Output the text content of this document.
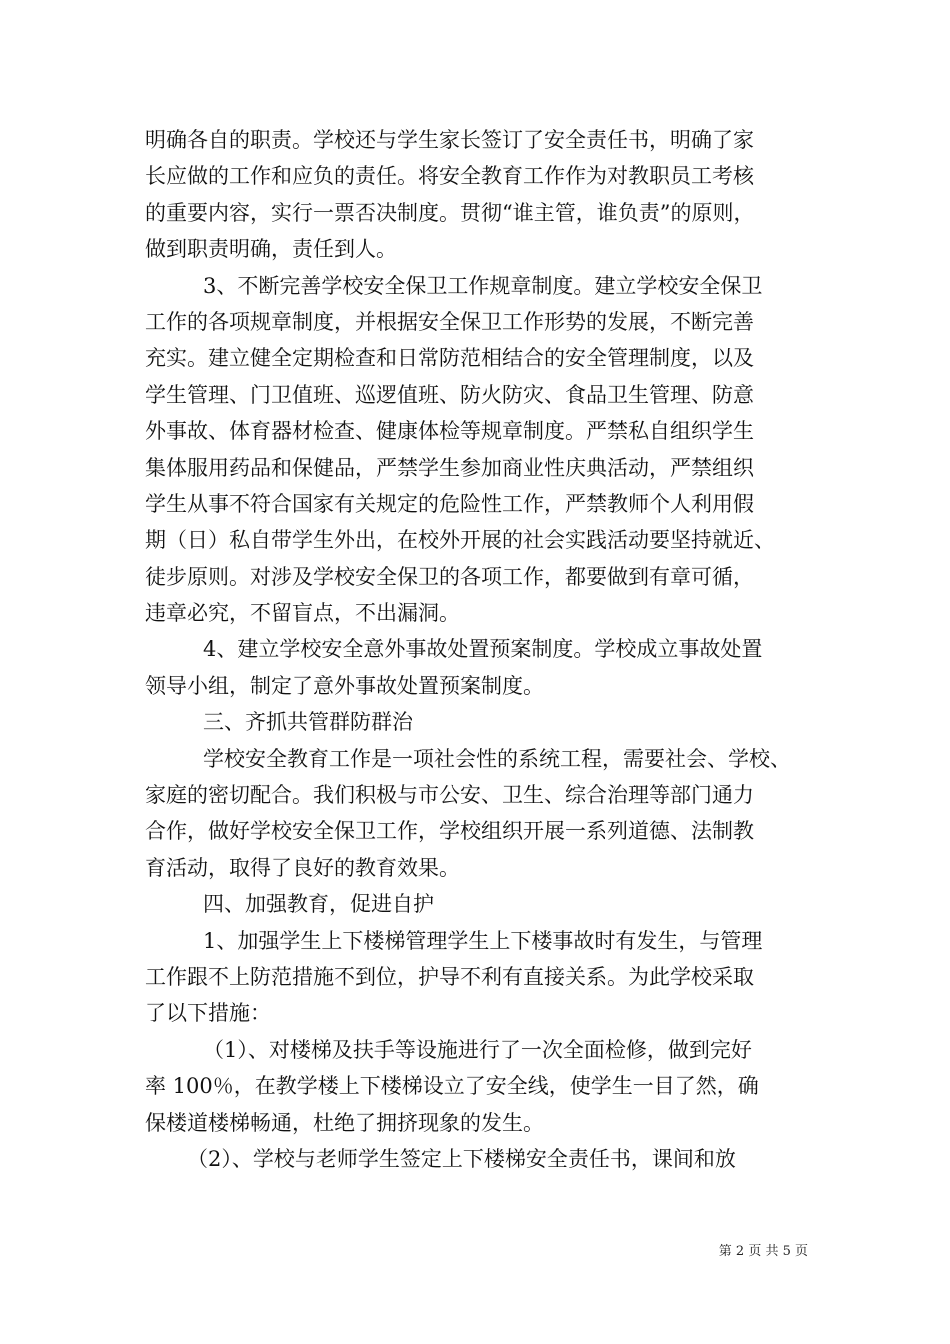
明确各自的职责。学校还与学生家长签订了安全责任书，明确了家
长应做的工作和应负的责任。将安全教育工作作为对教职员工考核
的重要内容，实行一票否决制度。贯彻“谁主管，谁负责”的原则，
做到职责明确，责任到人。
3、不断完善学校安全保卫工作规章制度。建立学校安全保卫
工作的各项规章制度，并根据安全保卫工作形势的发展，不断完善
充实。建立健全定期检查和日常防范相结合的安全管理制度，以及
学生管理、门卫值班、巡逻值班、防火防灾、食品卫生管理、防意
外事故、体育器材检查、健康体检等规章制度。严禁私自组织学生
集体服用药品和保健品，严禁学生参加商业性庆典活动，严禁组织
学生从事不符合国家有关规定的危险性工作，严禁教师个人利用假
期（日）私自带学生外出，在校外开展的社会实践活动要坚持就近、
徒步原则。对涉及学校安全保卫的各项工作，都要做到有章可循，
违章必究，不留盲点，不出漏洞。
4、建立学校安全意外事故处置预案制度。学校成立事故处置
领导小组，制定了意外事故处置预案制度。
三、齐抓共管群防群治
学校安全教育工作是一项社会性的系统工程，需要社会、学校、
家庭的密切配合。我们积极与市公安、卫生、综合治理等部门通力
合作，做好学校安全保卫工作，学校组织开展一系列道德、法制教
育活动，取得了良好的教育效果。
四、加强教育，促进自护
1、加强学生上下楼梯管理学生上下楼事故时有发生，与管理
工作跟不上防范措施不到位，护导不利有直接关系。为此学校采取
了以下措施：
（1）、对楼梯及扶手等设施进行了一次全面检修，做到完好
率 100％，在教学楼上下楼梯设立了安全线，使学生一目了然，确
保楼道楼梯畅通，杜绝了拥挤现象的发生。
（2）、学校与老师学生签定上下楼梯安全责任书，课间和放
第 2 页 共 5 页
